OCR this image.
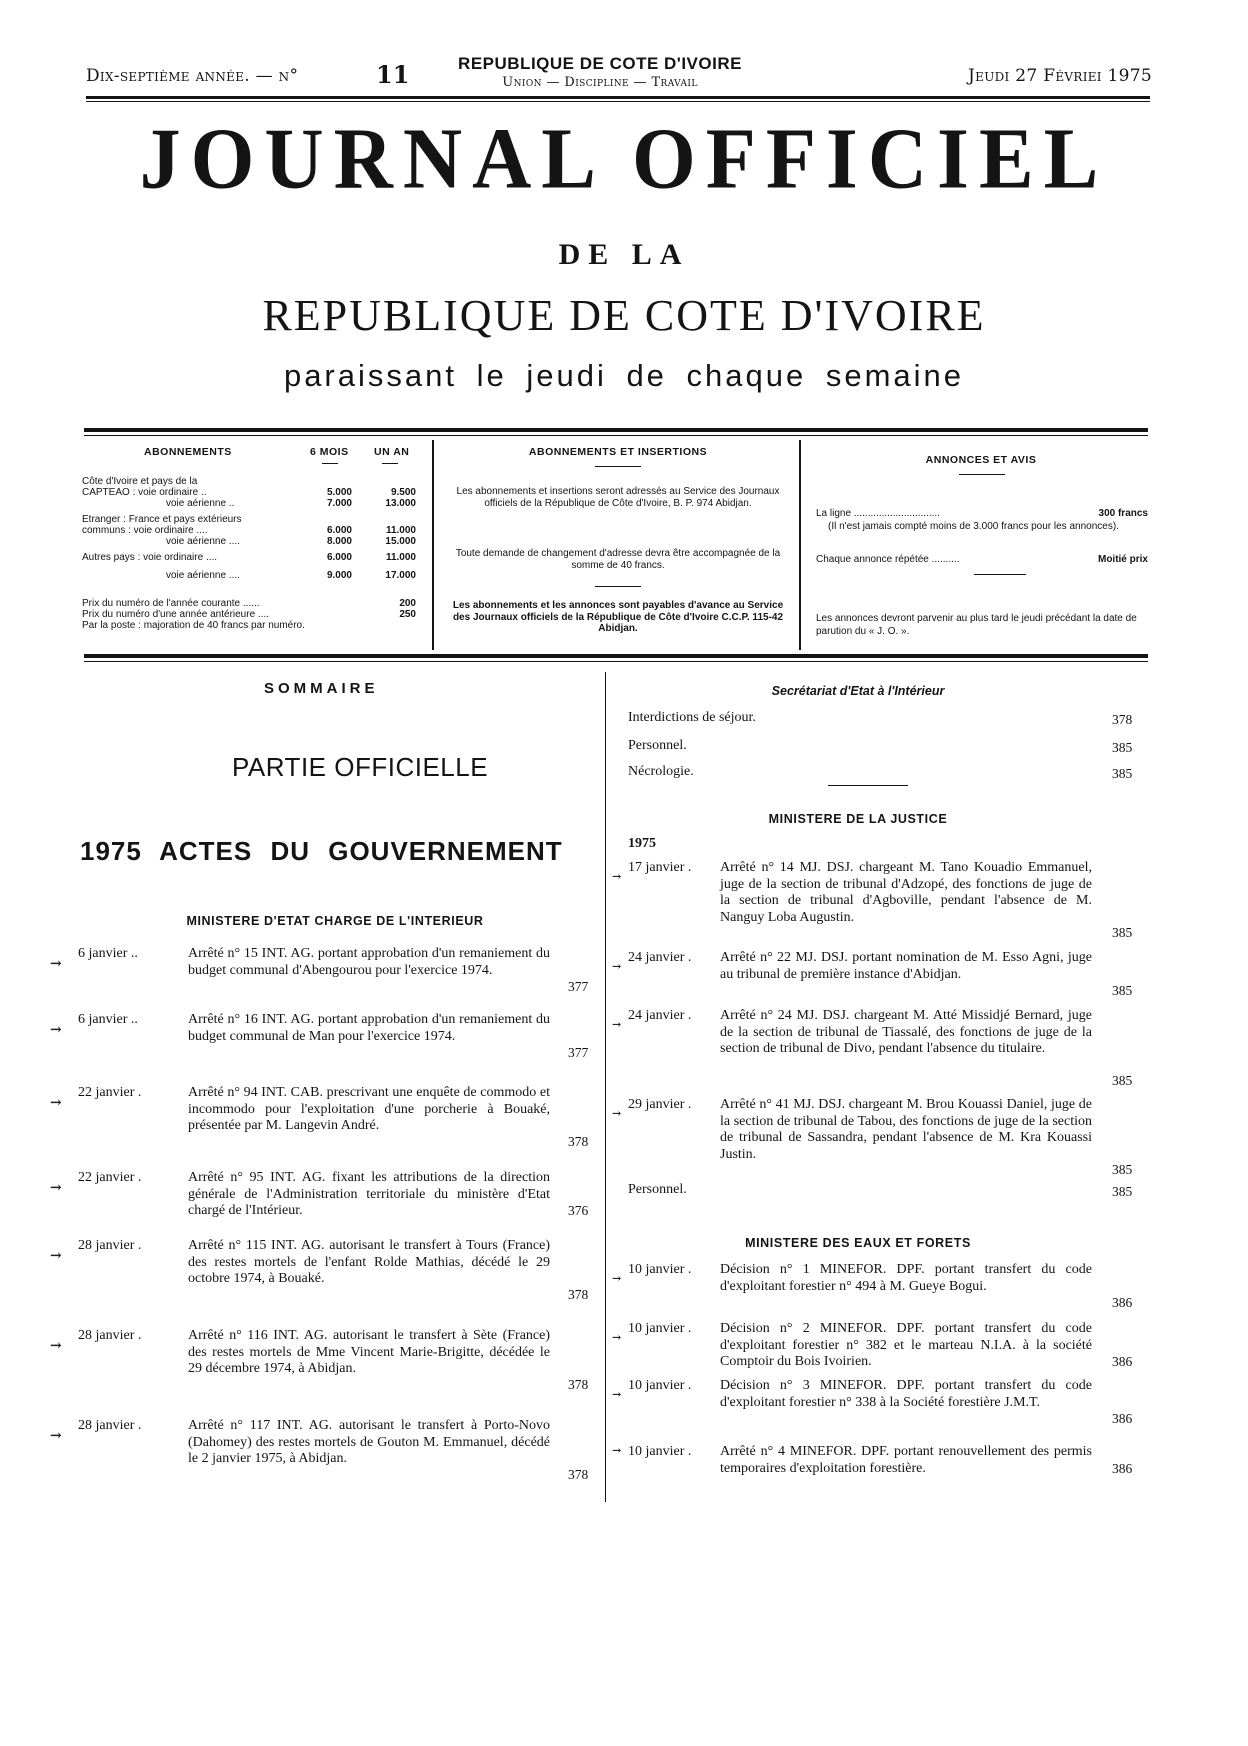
Dix-septième année. — n°	11	REPUBLIQUE DE COTE D'IVOIRE
Union — Discipline — Travail	Jeudi 27 Févriei 1975
JOURNAL OFFICIEL
DE LA
REPUBLIQUE DE COTE D'IVOIRE
paraissant le jeudi de chaque semaine
ABONNEMENTS	6 MOIS UN AN
Côte d'Ivoire et pays de la
CAPTEAO : voie ordinaire ..	5.000	9.500
voie aérienne ..	7.000	13.000
Etranger : France et pays extérieurs
communs : voie ordinaire ....	6.000	11.000
voie aérienne ....	8.000	15.000
Autres pays : voie ordinaire ....	6.000	11.000
voie aérienne ....	9.000	17.000
Prix du numéro de l'année courante ......	200
Prix du numéro d'une année antérieure ....	250
Par la poste : majoration de 40 francs par numéro.
ABONNEMENTS ET INSERTIONS
Les abonnements et insertions seront adressés au Service des Journaux officiels de la République de Côte d'Ivoire, B. P. 974 Abidjan.
Toute demande de changement d'adresse devra être accompagnée de la somme de 40 francs.
Les abonnements et les annonces sont payables d'avance au Service des Journaux officiels de la République de Côte d'Ivoire C.C.P. 115-42 Abidjan.
ANNONCES ET AVIS
La ligne ...............................	300 francs
(Il n'est jamais compté moins de 3.000 francs pour les annonces).
Chaque annonce répétée ..........	Moitié prix
Les annonces devront parvenir au plus tard le jeudi précédant la date de parution du « J. O. ».
SOMMAIRE
PARTIE OFFICIELLE
1975 ACTES DU GOUVERNEMENT
MINISTERE D'ETAT CHARGE DE L'INTERIEUR
6 janvier ..	Arrêté n° 15 INT. AG. portant approbation d'un remaniement du budget communal d'Abengourou pour l'exercice 1974.
377
→
6 janvier ..	Arrêté n° 16 INT. AG. portant approbation d'un remaniement du budget communal de Man pour l'exercice 1974.
377
→
22 janvier .	Arrêté n° 94 INT. CAB. prescrivant une enquête de commodo et incommodo pour l'exploitation d'une porcherie à Bouaké, présentée par M. Langevin André.
378
→
22 janvier .	Arrêté n° 95 INT. AG. fixant les attributions de la direction générale de l'Administration territoriale du ministère d'Etat chargé de l'Intérieur.	376
→
28 janvier .	Arrêté n° 115 INT. AG. autorisant le transfert à Tours (France) des restes mortels de l'enfant Rolde Mathias, décédé le 29 octobre 1974, à Bouaké.
378
→
28 janvier .	Arrêté n° 116 INT. AG. autorisant le transfert à Sète (France) des restes mortels de Mme Vincent Marie-Brigitte, décédée le 29 décembre 1974, à Abidjan.
378
→
28 janvier .	Arrêté n° 117 INT. AG. autorisant le transfert à Porto-Novo (Dahomey) des restes mortels de Gouton M. Emmanuel, décédé le 2 janvier 1975, à Abidjan.
378
→
Secrétariat d'Etat à l'Intérieur
Interdictions de séjour.	378
Personnel.	385
Nécrologie.	385
MINISTERE DE LA JUSTICE
1975
17 janvier . Arrêté n° 14 MJ. DSJ. chargeant M. Tano Kouadio Emmanuel, juge de la section de tribunal d'Adzopé, des fonctions de juge de la section de tribunal d'Agboville, pendant l'absence de M. Nanguy Loba Augustin.
385
→
24 janvier . Arrêté n° 22 MJ. DSJ. portant nomination de M. Esso Agni, juge au tribunal de première instance d'Abidjan.
385
→
24 janvier . Arrêté n° 24 MJ. DSJ. chargeant M. Atté Missidjé Bernard, juge de la section de tribunal de Tiassalé, des fonctions de juge de la section de tribunal de Divo, pendant l'absence du titulaire.
385
→
29 janvier . Arrêté n° 41 MJ. DSJ. chargeant M. Brou Kouassi Daniel, juge de la section de tribunal de Tabou, des fonctions de juge de la section de tribunal de Sassandra, pendant l'absence de M. Kra Kouassi Justin.
385
→
Personnel.	385
MINISTERE DES EAUX ET FORETS
10 janvier . Décision n° 1 MINEFOR. DPF. portant transfert du code d'exploitant forestier n° 494 à M. Gueye Bogui.
386
→
10 janvier . Décision n° 2 MINEFOR. DPF. portant transfert du code d'exploitant forestier n° 382 et le marteau N.I.A. à la société Comptoir du Bois Ivoirien.	386
→
10 janvier . Décision n° 3 MINEFOR. DPF. portant transfert du code d'exploitant forestier n° 338 à la Société forestière J.M.T.
386
→
10 janvier . Arrêté n° 4 MINEFOR. DPF. portant renouvellement des permis temporaires d'exploitation forestière.	386
→
